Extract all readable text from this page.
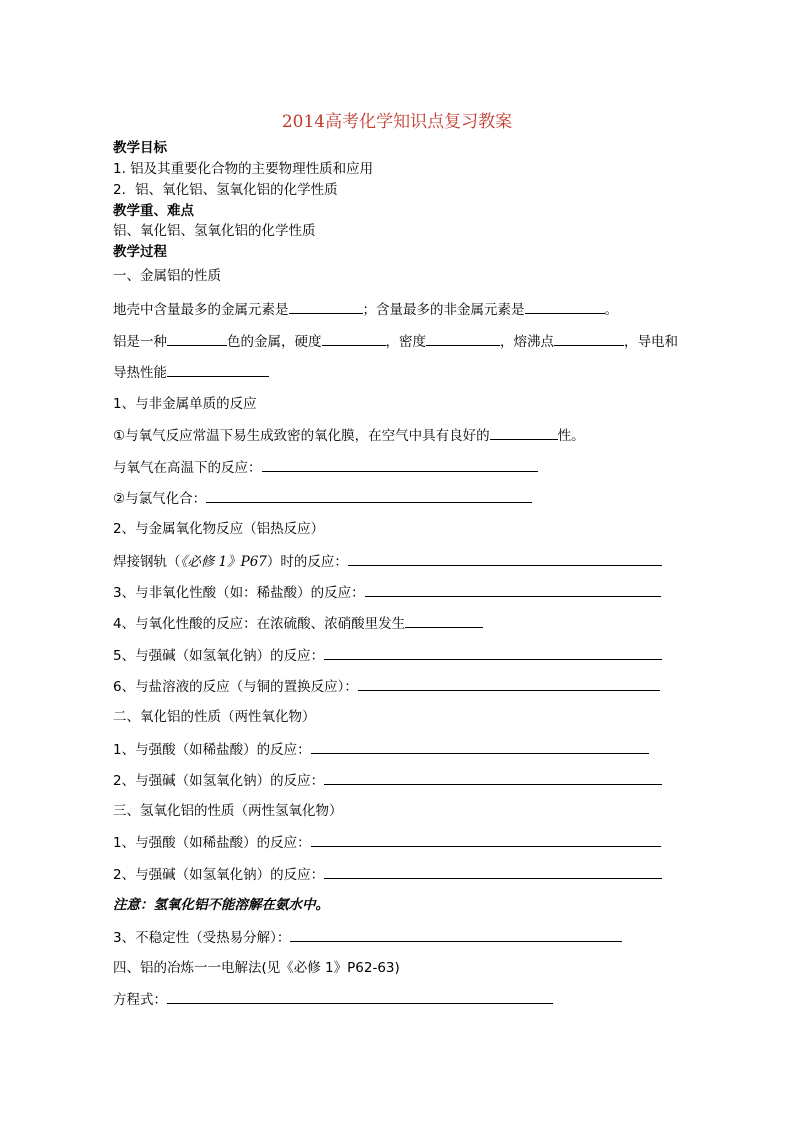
2014高考化学知识点复习教案
教学目标
1. 铝及其重要化合物的主要物理性质和应用
2．铝、氧化铝、氢氧化铝的化学性质
教学重、难点
铝、氧化铝、氢氧化铝的化学性质
教学过程
一、金属铝的性质
地壳中含量最多的金属元素是	；含量最多的非金属元素是	。
铝是一种	色的金属，硬度	，密度	，熔沸点	，导电和
导热性能
1、与非金属单质的反应
①与氧气反应常温下易生成致密的氧化膜，在空气中具有良好的	性。
与氧气在高温下的反应：
②与氯气化合：
2、与金属氧化物反应（铝热反应）
焊接钢轨（《必修 1》P67）时的反应：
3、与非氧化性酸（如：稀盐酸）的反应：
4、与氧化性酸的反应：在浓硫酸、浓硝酸里发生
5、与强碱（如氢氧化钠）的反应：
6、与盐溶液的反应（与铜的置换反应）：
二、氧化铝的性质（两性氧化物）
1、与强酸（如稀盐酸）的反应：
2、与强碱（如氢氧化钠）的反应：
三、氢氧化铝的性质（两性氢氧化物）
1、与强酸（如稀盐酸）的反应：
2、与强碱（如氢氧化钠）的反应：
注意：氢氧化铝不能溶解在氨水中。
3、不稳定性（受热易分解）：
四、铝的冶炼一一电解法(见《必修 1》P62-63)
方程式：
